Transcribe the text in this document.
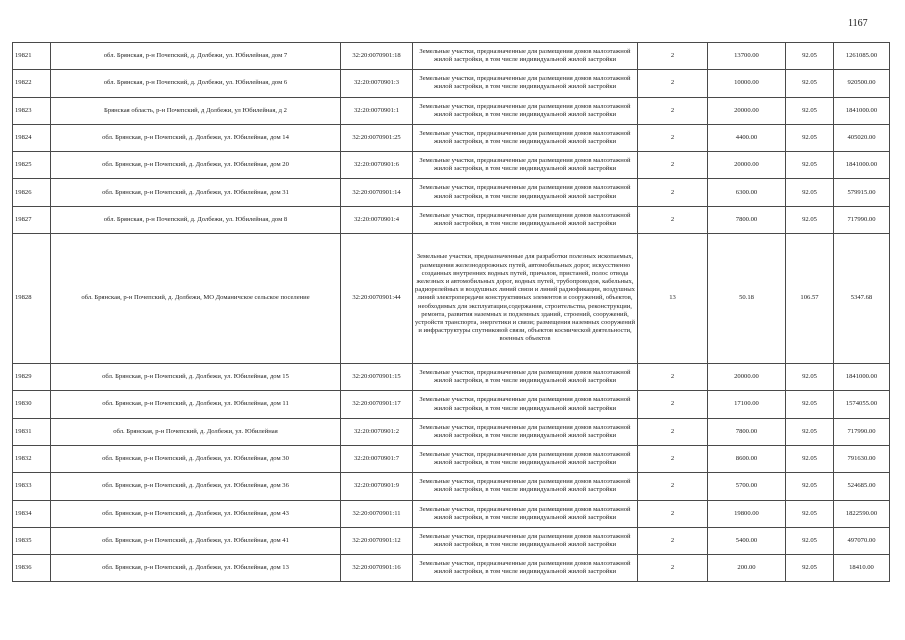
1167
19821	обл. Брянская, р-н Почепский, д. Долбежи, ул. Юбилейная, дом 7	32:20:0070901:18	Земельные участки, предназначенные для размещения домов малоэтажной жилой застройки, в том числе индивидуальной жилой застройки	2	13700.00	92.05	1261085.00
19822	обл. Брянская, р-н Почепский, д. Долбежи, ул. Юбилейная, дом 6	32:20:0070901:3	Земельные участки, предназначенные для размещения домов малоэтажной жилой застройки, в том числе индивидуальной жилой застройки	2	10000.00	92.05	920500.00
19823	Брянская область, р-н Почепский, д Долбежи, ул Юбилейная, д 2	32:20:0070901:1	Земельные участки, предназначенные для размещения домов малоэтажной жилой застройки, в том числе индивидуальной жилой застройки	2	20000.00	92.05	1841000.00
19824	обл. Брянская, р-н Почепский, д. Долбежи, ул. Юбилейная, дом 14	32:20:0070901:25	Земельные участки, предназначенные для размещения домов малоэтажной жилой застройки, в том числе индивидуальной жилой застройки	2	4400.00	92.05	405020.00
19825	обл. Брянская, р-н Почепский, д. Долбежи, ул. Юбилейная, дом 20	32:20:0070901:6	Земельные участки, предназначенные для размещения домов малоэтажной жилой застройки, в том числе индивидуальной жилой застройки	2	20000.00	92.05	1841000.00
19826	обл. Брянская, р-н Почепский, д. Долбежи, ул. Юбилейная, дом 31	32:20:0070901:14	Земельные участки, предназначенные для размещения домов малоэтажной жилой застройки, в том числе индивидуальной жилой застройки	2	6300.00	92.05	579915.00
19827	обл. Брянская, р-н Почепский, д. Долбежи, ул. Юбилейная, дом 8	32:20:0070901:4	Земельные участки, предназначенные для размещения домов малоэтажной жилой застройки, в том числе индивидуальной жилой застройки	2	7800.00	92.05	717990.00
19828	обл. Брянская, р-н Почепский, д. Долбежи, МО Доманичское сельское поселение	32:20:0070901:44	Земельные участки, предназначенные для разработки полезных ископаемых, размещения железнодорожных путей, автомобильных дорог, искусственно созданных внутренних водных путей, причалов, пристаней, полос отвода железных и автомобильных дорог, водных путей, трубопроводов, кабельных, радиорелейных и воздушных линий связи и линий радиофикации, воздушных линий электропередачи конструктивных элементов и сооружений, объектов, необходимых для эксплуатации,содержания, строительства, реконструкции, ремонта, развития наземных и подземных зданий, строений, сооружений, устройств транспорта, энергетики и связи; размещения наземных сооружений и инфраструктуры спутниковой связи, объектов космической деятельности, военных объектов	13	50.18	106.57	5347.68
19829	обл. Брянская, р-н Почепский, д. Долбежи, ул. Юбилейная, дом 15	32:20:0070901:15	Земельные участки, предназначенные для размещения домов малоэтажной жилой застройки, в том числе индивидуальной жилой застройки	2	20000.00	92.05	1841000.00
19830	обл. Брянская, р-н Почепский, д. Долбежи, ул. Юбилейная, дом 11	32:20:0070901:17	Земельные участки, предназначенные для размещения домов малоэтажной жилой застройки, в том числе индивидуальной жилой застройки	2	17100.00	92.05	1574055.00
19831	обл. Брянская, р-н Почепский, д. Долбежи, ул. Юбилейная	32:20:0070901:2	Земельные участки, предназначенные для размещения домов малоэтажной жилой застройки, в том числе индивидуальной жилой застройки	2	7800.00	92.05	717990.00
19832	обл. Брянская, р-н Почепский, д. Долбежи, ул. Юбилейная, дом 30	32:20:0070901:7	Земельные участки, предназначенные для размещения домов малоэтажной жилой застройки, в том числе индивидуальной жилой застройки	2	8600.00	92.05	791630.00
19833	обл. Брянская, р-н Почепский, д. Долбежи, ул. Юбилейная, дом 36	32:20:0070901:9	Земельные участки, предназначенные для размещения домов малоэтажной жилой застройки, в том числе индивидуальной жилой застройки	2	5700.00	92.05	524685.00
19834	обл. Брянская, р-н Почепский, д. Долбежи, ул. Юбилейная, дом 43	32:20:0070901:11	Земельные участки, предназначенные для размещения домов малоэтажной жилой застройки, в том числе индивидуальной жилой застройки	2	19800.00	92.05	1822590.00
19835	обл. Брянская, р-н Почепский, д. Долбежи, ул. Юбилейная, дом 41	32:20:0070901:12	Земельные участки, предназначенные для размещения домов малоэтажной жилой застройки, в том числе индивидуальной жилой застройки	2	5400.00	92.05	497070.00
19836	обл. Брянская, р-н Почепский, д. Долбежи, ул. Юбилейная, дом 13	32:20:0070901:16	Земельные участки, предназначенные для размещения домов малоэтажной жилой застройки, в том числе индивидуальной жилой застройки	2	200.00	92.05	18410.00
